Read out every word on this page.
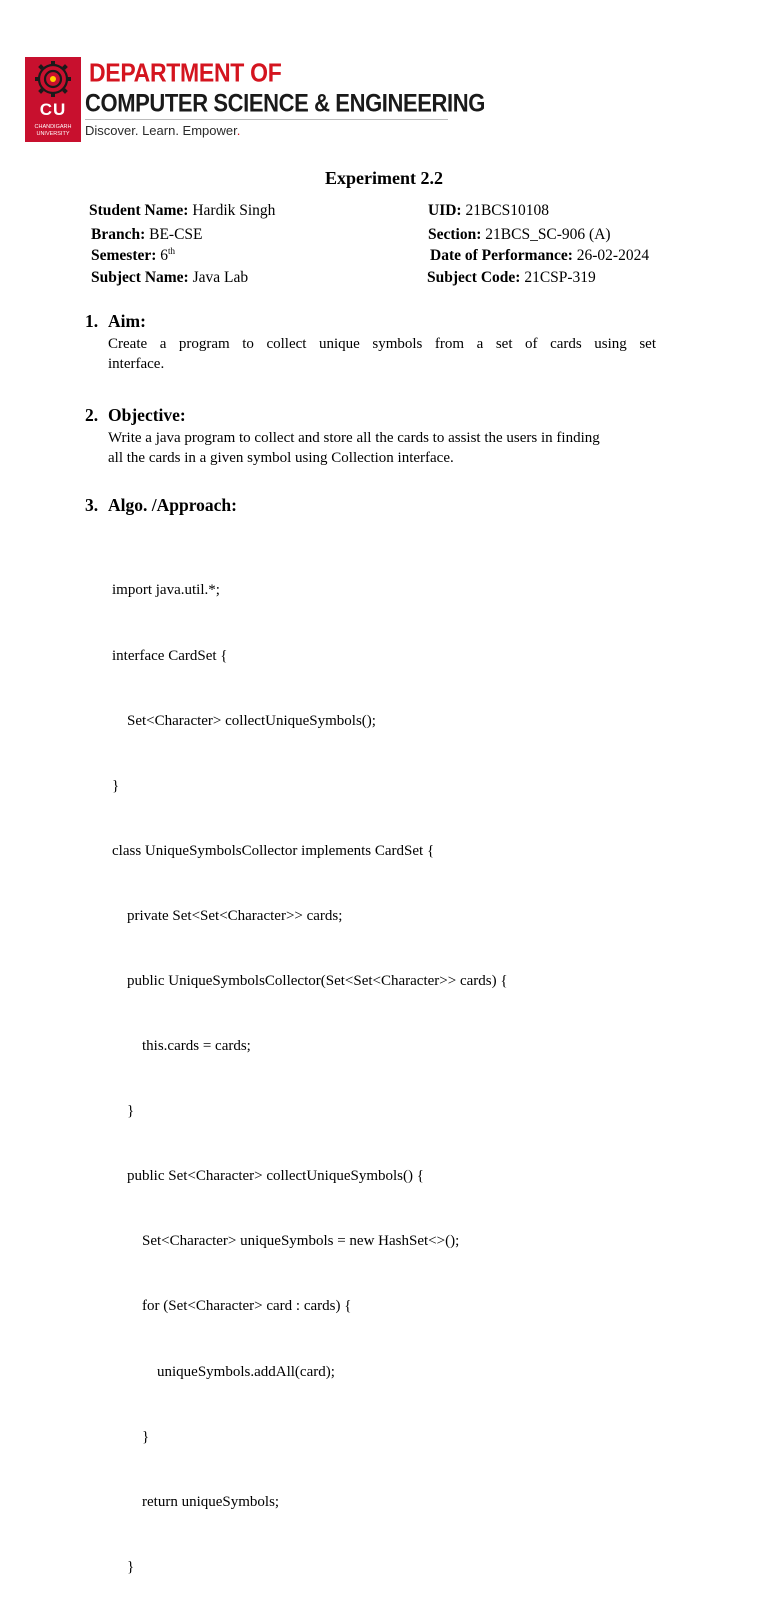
CU
CHANDIGARH
UNIVERSITY
DEPARTMENT OF
COMPUTER SCIENCE & ENGINEERING
Discover. Learn. Empower.
Experiment 2.2
Student Name: Hardik Singh	UID: 21BCS10108
Branch: BE-CSE	Section: 21BCS_SC-906 (A)
Semester: 6th	Date of Performance: 26-02-2024
Subject Name: Java Lab	Subject Code: 21CSP-319
1. Aim:
Create a program to collect unique symbols from a set of cards using set
interface.
2. Objective:
Write a java program to collect and store all the cards to assist the users in finding
all the cards in a given symbol using Collection interface.
3. Algo. /Approach:

import java.util.*;

interface CardSet {

Set<Character> collectUniqueSymbols();

}

class UniqueSymbolsCollector implements CardSet {

private Set<Set<Character>> cards;

public UniqueSymbolsCollector(Set<Set<Character>> cards) {

this.cards = cards;

}

public Set<Character> collectUniqueSymbols() {

Set<Character> uniqueSymbols = new HashSet<>();

for (Set<Character> card : cards) {

uniqueSymbols.addAll(card);

}

return uniqueSymbols;

}
